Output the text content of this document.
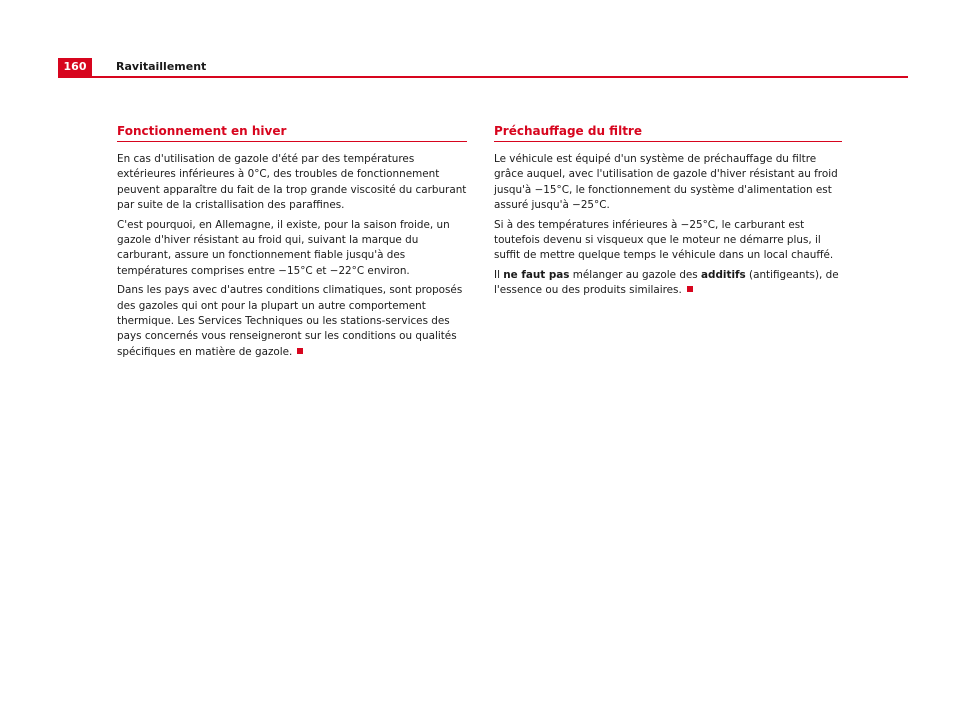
160	Ravitaillement
Fonctionnement en hiver

En cas d'utilisation de gazole d'été par des températures
extérieures inférieures à 0°C, des troubles de fonctionnement
peuvent apparaître du fait de la trop grande viscosité du carburant
par suite de la cristallisation des paraffines.

C'est pourquoi, en Allemagne, il existe, pour la saison froide, un
gazole d'hiver résistant au froid qui, suivant la marque du
carburant, assure un fonctionnement fiable jusqu'à des
températures comprises entre −15°C et −22°C environ.

Dans les pays avec d'autres conditions climatiques, sont proposés
des gazoles qui ont pour la plupart un autre comportement
thermique. Les Services Techniques ou les stations-services des
pays concernés vous renseigneront sur les conditions ou qualités
spécifiques en matière de gazole.

Préchauffage du filtre

Le véhicule est équipé d'un système de préchauffage du filtre
grâce auquel, avec l'utilisation de gazole d'hiver résistant au froid
jusqu'à −15°C, le fonctionnement du système d'alimentation est
assuré jusqu'à −25°C.

Si à des températures inférieures à −25°C, le carburant est
toutefois devenu si visqueux que le moteur ne démarre plus, il
suffit de mettre quelque temps le véhicule dans un local chauffé.

Il ne faut pas mélanger au gazole des additifs (antifigeants), de
l'essence ou des produits similaires.
